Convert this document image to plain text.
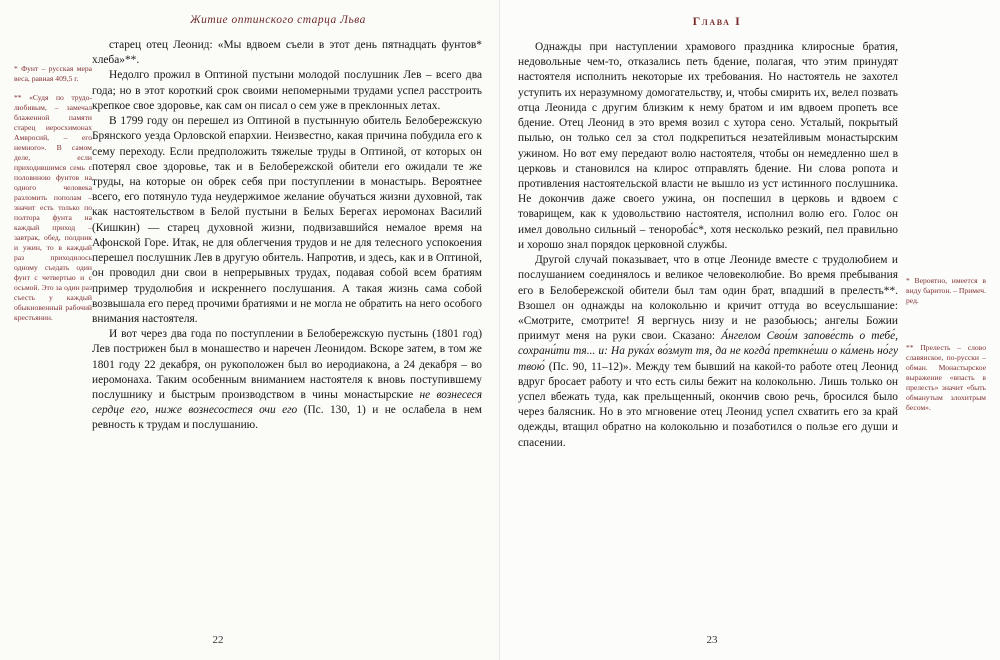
Житие оптинского старца Льва
* Фунт – русская мера веса, равная 409,5 г.
** «Судя по трудолюбивым, – замечал блаженной памяти старец иеросхимонах Амвросий, – его немного». В самом деле, если приходившимся семь с половиною фунтов на одного человека разломить пополам – значит есть только по полтора фунта на каждый приход – завтрак, обед, полдник и ужин, то в каждый раз приходилось одному съедать один фунт с четвертью и с осьмой. Это за один раз съесть у каждый обыкновенный рабочий крестьянин.

старец отец Леонид: «Мы вдвоем съели в этот день пятнадцать фунтов* хлеба»**.

Недолго прожил в Оптиной пустыни молодой послушник Лев – всего два года; но в этот короткий срок своими непомерными трудами успел расстроить крепкое свое здоровье, как сам он писал о сем уже в преклонных летах.

В 1799 году он перешел из Оптиной в пустынную обитель Белобережскую Брянского уезда Орловской епархии. Неизвестно, какая причина побудила его к сему переходу. Если предположить тяжелые труды в Оптиной, от которых он потерял свое здоровье, так и в Белобережской обители его ожидали те же труды, на которые он обрек себя при поступлении в монастырь. Вероятнее всего, его потянуло туда неудержимое желание обучаться жизни духовной, так как настоятельством в Белой пустыни в Белых Берегах иеромонах Василий (Кишкин) — старец духовной жизни, подвизавшийся немалое время на Афонской Горе. Итак, не для облегчения трудов и не для телесного успокоения перешел послушник Лев в другую обитель. Напротив, и здесь, как и в Оптиной, он проводил дни свои в непрерывных трудах, подавая собой всем братиям пример трудолюбия и искреннего послушания. А такая жизнь сама собой возвышала его перед прочими братиями и не могла не обратить на него особого внимания настоятеля.

И вот через два года по поступлении в Белобережскую пустынь (1801 год) Лев пострижен был в монашество и наречен Леонидом. Вскоре затем, в том же 1801 году 22 декабря, он рукоположен был во иеродиакона, а 24 декабря – во иеромонаха. Таким особенным вниманием настоятеля к вновь поступившему послушнику и быстрым производством в чины монастырские не вознесеся сердце его, ниже вознесостеся очи его (Пс. 130, 1) и не ослабела в нем ревность к трудам и послушанию.

22
Глава I

Однажды при наступлении храмового праздника клиросные братия, недовольные чем-то, отказались петь бдение, полагая, что этим принудят настоятеля исполнить некоторые их требования. Но настоятель не захотел уступить их неразумному домогательству, и, чтобы смирить их, велел позвать отца Леонида с другим близким к нему братом и им вдвоем пропеть все бдение. Отец Леонид в это время возил с хутора сено. Усталый, покрытый пылью, он только сел за стол подкрепиться незатейливым монастырским ужином. Но вот ему передают волю настоятеля, чтобы он немедленно шел в церковь и становился на клирос отправлять бдение. Ни слова ропота и противления настоятельской власти не вышло из уст истинного послушника. Не докончив даже своего ужина, он поспешил в церковь и вдвоем с товарищем, как к удовольствию настоятеля, исполнил волю его. Голос он имел довольно сильный – тенороба́с*, хотя несколько резкий, пел правильно и хорошо знал порядок церковной службы.

Другой случай показывает, что в отце Леониде вместе с трудолюбием и послушанием соединялось и великое человеколюбие. Во время пребывания его в Белобережской обители был там один брат, впадший в прелесть**. Взошел он однажды на колокольню и кричит оттуда во всеуслышание: «Смотрите, смотрите! Я вергнусь низу и не разобьюсь; ангелы Божии приимут меня на руки свои. Сказано: А́нгелом Свои́м запове́сть о тебе́, сохрани́ти тя... и: На рука́х во́змут тя, да не когда́ преткне́ши о ка́мень но́гу твою́ (Пс. 90, 11–12)». Между тем бывший на какой-то работе отец Леонид вдруг бросает работу и что есть силы бежит на колокольню. Лишь только он успел вбежать туда, как прельщенный, окончив свою речь, бросился было через балясник. Но в это мгновение отец Леонид успел схватить его за край одежды, втащил обратно на колокольню и позаботился о пользе его души и спасении.

* Вероятно, имеется в виду баритон. – Примеч. ред.
** Прелесть – слово славянское, по-русски – обман. Монастырское выражение «впасть в прелесть» значит «быть обманутым злохитрым бесом».
23
